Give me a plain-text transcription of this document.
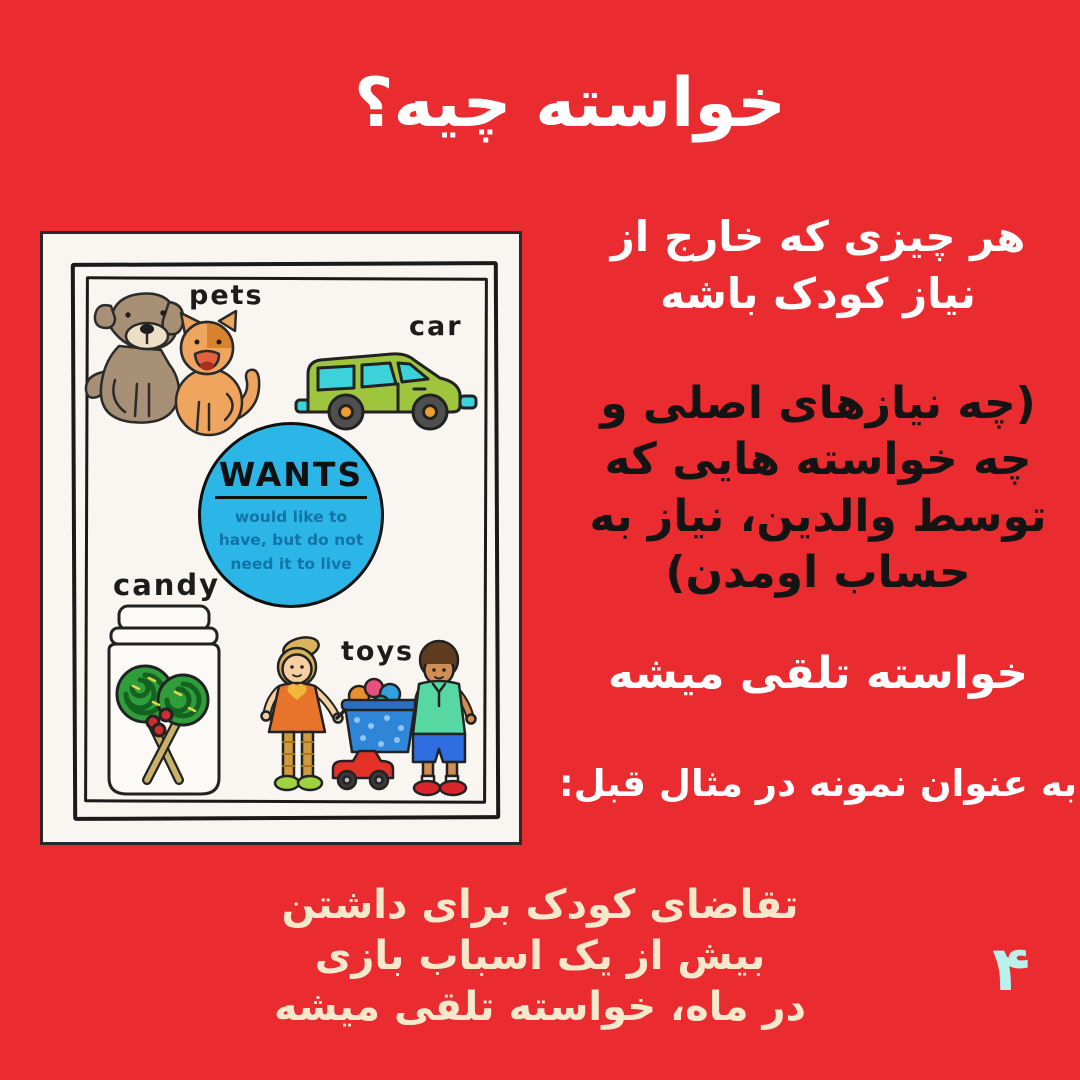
خواسته چیه؟
pets
car
candy
toys
WANTS
would like to
have, but do not
need it to live
هر چیزی که خارج از
نیاز کودک باشه
(چه نیازهای اصلی و
چه خواسته هایی که
توسط والدین، نیاز به
حساب اومدن)
خواسته تلقی میشه
به عنوان نمونه در مثال قبل:
تقاضای کودک برای داشتن
بیش از یک اسباب بازی
در ماه، خواسته تلقی میشه
۴
